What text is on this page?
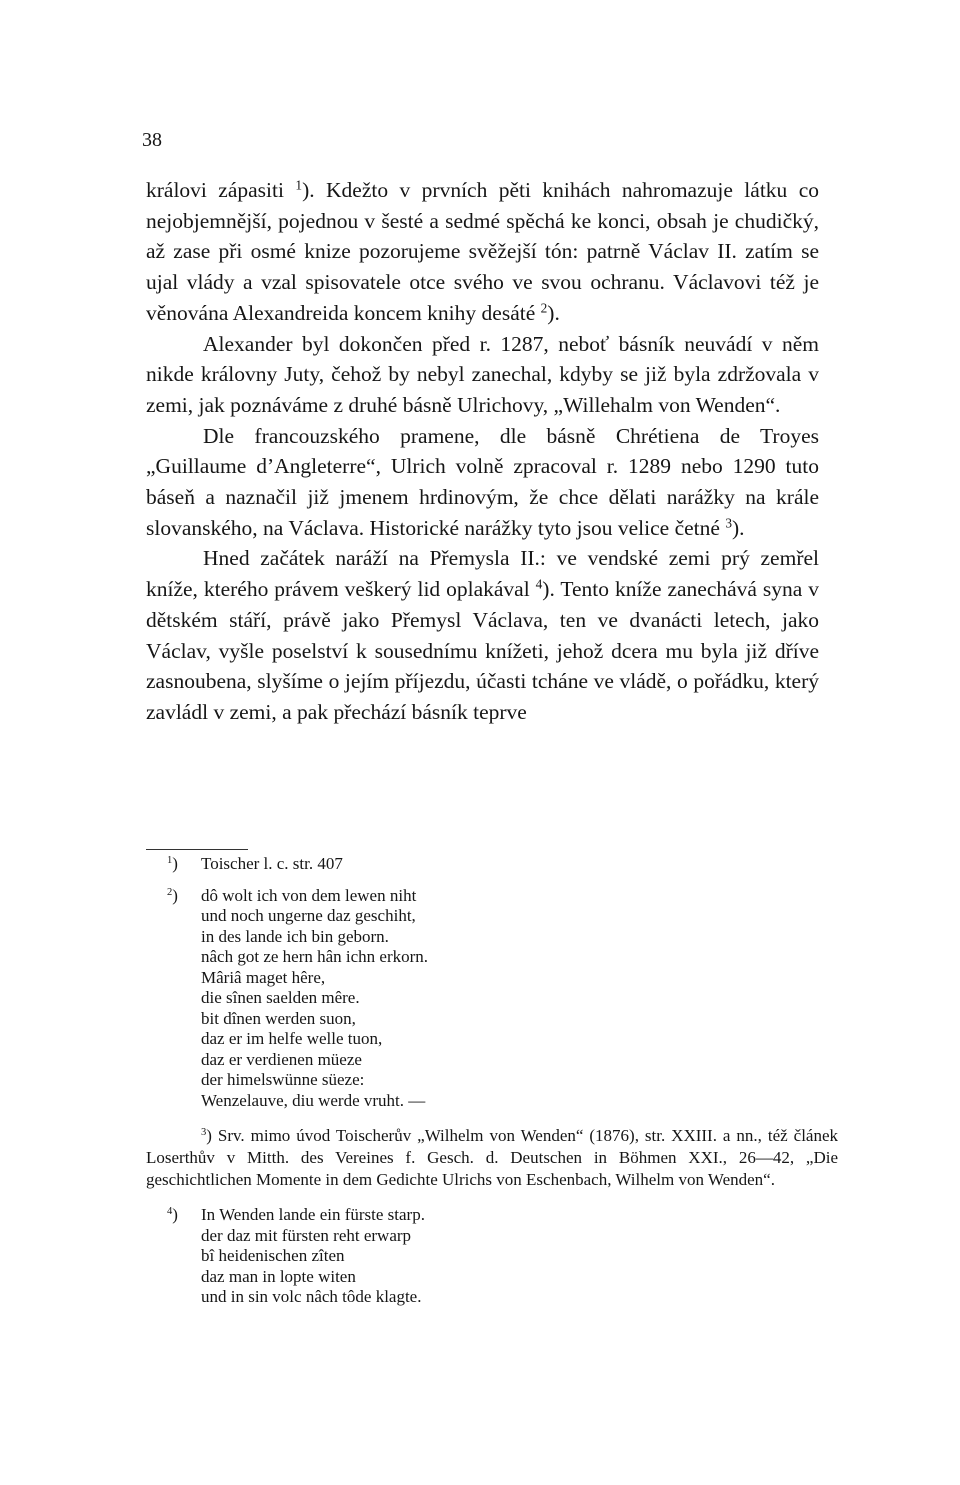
38

královi zápasiti $^1$). Kdežto v prvních pěti knihách nahromazuje látku co nejobjemnější, pojednou v šesté a sedmé spěchá ke konci, obsah je chudičký, až zase při osmé knize pozorujeme svěžejší tón: patrně Václav II. zatím se ujal vlády a vzal spisovatele otce svého ve svou ochranu. Václavovi též je věnována Alexandreida koncem knihy desáté $^2$).

Alexander byl dokončen před r. 1287, neboť básník neuvádí v něm nikde královny Juty, čehož by nebyl zanechal, kdyby se již byla zdržovala v zemi, jak poznáváme z druhé básně Ulrichovy, „Willehalm von Wenden“.

Dle francouzského pramene, dle básně Chrétiena de Troyes „Guillaume d’Angleterre“, Ulrich volně zpracoval r. 1289 nebo 1290 tuto báseň a naznačil již jmenem hrdinovým, že chce dělati narážky na krále slovanského, na Václava. Historické narážky tyto jsou velice četné $^3$).

Hned začátek naráží na Přemysla II.: ve vendské zemi prý zemřel kníže, kterého právem veškerý lid oplakával $^4$). Tento kníže zanechává syna v dětském stáří, právě jako Přemysl Václava, ten ve dvanácti letech, jako Václav, vyšle poselství k sousednímu knížeti, jehož dcera mu byla již dříve zasnoubena, slyšíme o jejím příjezdu, účasti tcháne ve vládě, o pořádku, který zavládl v zemi, a pak přechází básník teprve

$^1$) Toischer l. c. str. 407

$^2$) dô wolt ich von dem lewen niht
und noch ungerne daz geschiht,
in des lande ich bin geborn.
nâch got ze hern hân ichn erkorn.
Mâriâ maget hêre,
die sînen saelden mêre.
bit dînen werden suon,
daz er im helfe welle tuon,
daz er verdienen müeze
der himelswünne süeze:
Wenzelauve, diu werde vruht. —

$^3$) Srv. mimo úvod Toischerův „Wilhelm von Wenden“ (1876), str. XXIII. a nn., též článek Loserthův v Mitth. des Vereines f. Gesch. d. Deutschen in Böhmen XXI., 26—42, „Die geschichtlichen Momente in dem Gedichte Ulrichs von Eschenbach, Wilhelm von Wenden“.

$^4$) In Wenden lande ein fürste starp.
der daz mit fürsten reht erwarp
bî heidenischen zîten
daz man in lopte witen
und in sin volc nâch tôde klagte.
